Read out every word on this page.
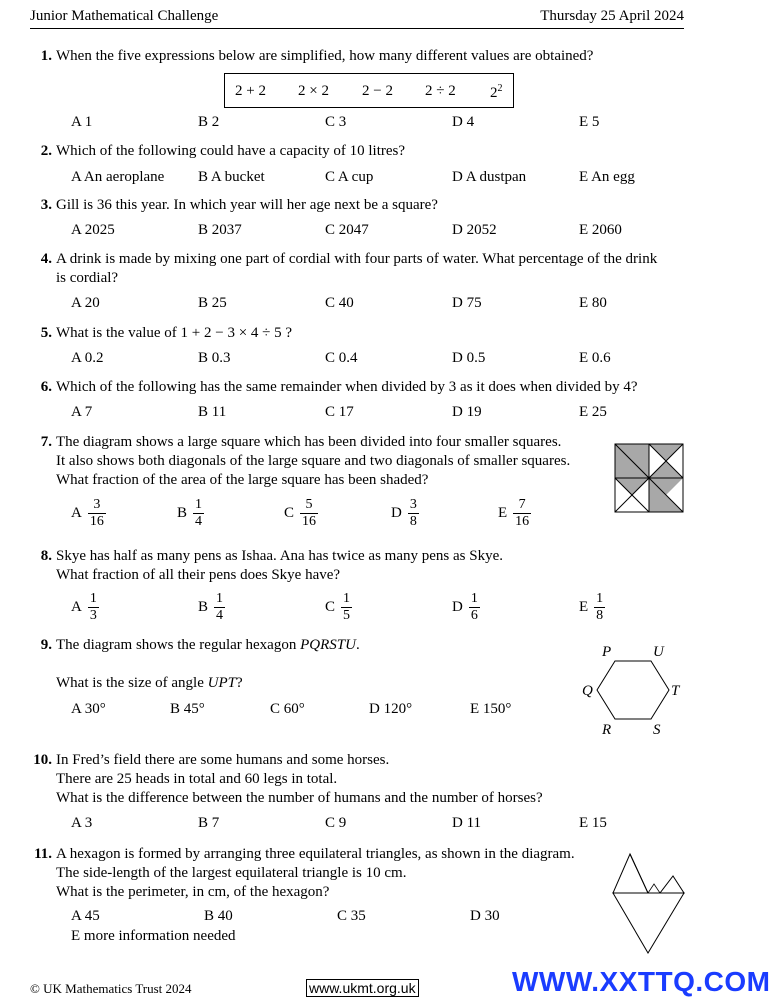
Junior Mathematical Challenge	Thursday 25 April 2024
1. When the five expressions below are simplified, how many different values are obtained?
2 + 2 2 × 2 2 − 2 2 ÷ 2 $2^2$
A 1	B 2	C 3	D 4	E 5
2. Which of the following could have a capacity of 10 litres?
A An aeroplane B A bucket	C A cup	D A dustpan	E An egg
3. Gill is 36 this year. In which year will her age next be a square?
A 2025	B 2037	C 2047	D 2052	E 2060
4. A drink is made by mixing one part of cordial with four parts of water. What percentage of the drink
is cordial?
A 20	B 25	C 40	D 75	E 80
5. What is the value of 1 + 2 − 3 × 4 ÷ 5 ?
A 0.2	B 0.3	C 0.4	D 0.5	E 0.6
6. Which of the following has the same remainder when divided by 3 as it does when divided by 4?
A 7	B 11	C 17	D 19	E 25
7. The diagram shows a large square which has been divided into four smaller squares.
It also shows both diagonals of the large square and two diagonals of smaller squares.
What fraction of the area of the large square has been shaded?
A $\frac{3}{16}$	B $\frac{1}{4}$	C $\frac{5}{16}$	D $\frac{3}{8}$	E $\frac{7}{16}$
8. Skye has half as many pens as Ishaa. Ana has twice as many pens as Skye.
What fraction of all their pens does Skye have?
A $\frac{1}{3}$	B $\frac{1}{4}$	C $\frac{1}{5}$	D $\frac{1}{6}$	E $\frac{1}{8}$
9. The diagram shows the regular hexagon PQRSTU.
What is the size of angle UPT?
P	U
Q	T
R	S
A 30°	B 45°	C 60°	D 120°	E 150°
10. In Fred’s field there are some humans and some horses.
There are 25 heads in total and 60 legs in total.
What is the difference between the number of humans and the number of horses?
A 3	B 7	C 9	D 11	E 15
11. A hexagon is formed by arranging three equilateral triangles, as shown in the diagram.
The side-length of the largest equilateral triangle is 10 cm.
What is the perimeter, in cm, of the hexagon?
A 45	B 40	C 35	D 30
E more information needed
© UK Mathematics Trust 2024	www.ukmt.org.uk	WWW.XXTTQ.COM
